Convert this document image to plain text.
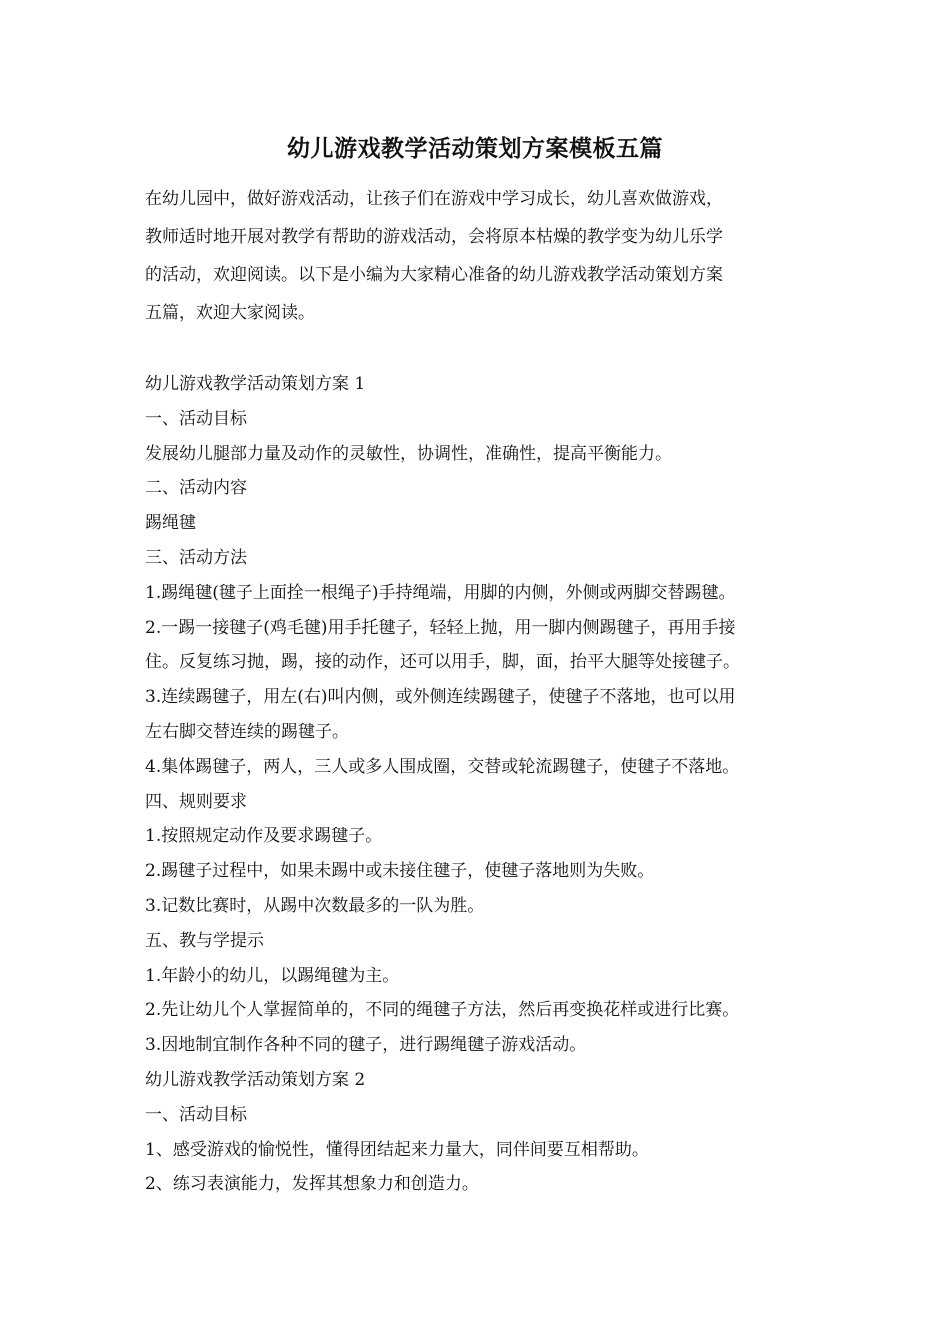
幼儿游戏教学活动策划方案模板五篇
在幼儿园中，做好游戏活动，让孩子们在游戏中学习成长，幼儿喜欢做游戏，
教师适时地开展对教学有帮助的游戏活动，会将原本枯燥的教学变为幼儿乐学
的活动，欢迎阅读。以下是小编为大家精心准备的幼儿游戏教学活动策划方案
五篇，欢迎大家阅读。
幼儿游戏教学活动策划方案 1
一、活动目标
发展幼儿腿部力量及动作的灵敏性，协调性，准确性，提高平衡能力。
二、活动内容
踢绳毽
三、活动方法
1.踢绳毽(毽子上面拴一根绳子)手持绳端，用脚的内侧，外侧或两脚交替踢毽。
2.一踢一接毽子(鸡毛毽)用手托毽子，轻轻上抛，用一脚内侧踢毽子，再用手接
住。反复练习抛，踢，接的动作，还可以用手，脚，面，抬平大腿等处接毽子。
3.连续踢毽子，用左(右)叫内侧，或外侧连续踢毽子，使毽子不落地，也可以用
左右脚交替连续的踢毽子。
4.集体踢毽子，两人，三人或多人围成圈，交替或轮流踢毽子，使毽子不落地。
四、规则要求
1.按照规定动作及要求踢毽子。
2.踢毽子过程中，如果未踢中或未接住毽子，使毽子落地则为失败。
3.记数比赛时，从踢中次数最多的一队为胜。
五、教与学提示
1.年龄小的幼儿，以踢绳毽为主。
2.先让幼儿个人掌握简单的，不同的绳毽子方法，然后再变换花样或进行比赛。
3.因地制宜制作各种不同的毽子，进行踢绳毽子游戏活动。
幼儿游戏教学活动策划方案 2
一、活动目标
1、感受游戏的愉悦性，懂得团结起来力量大，同伴间要互相帮助。
2、练习表演能力，发挥其想象力和创造力。
